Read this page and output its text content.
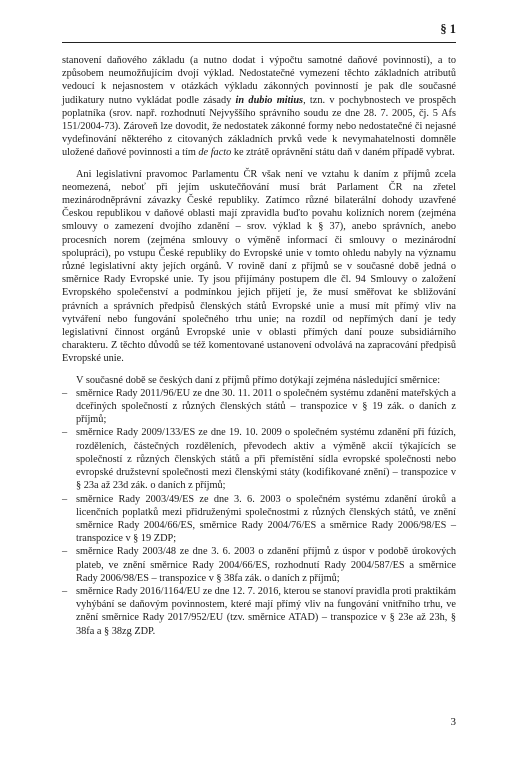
§ 1

stanovení daňového základu (a nutno dodat i výpočtu samotné daňové povinnosti), a to způsobem neumožňujícím dvojí výklad. Nedostatečné vymezení těchto základních atributů vedoucí k nejasnostem v otázkách výkladu zákonných povinností je pak dle současné judikatury nutno vykládat podle zásady in dubio mitius, tzn. v pochybnostech ve prospěch poplatníka (srov. např. rozhodnutí Nejvyššího správního soudu ze dne 28. 7. 2005, čj. 5 Afs 151/2004-73). Zároveň lze dovodit, že nedostatek zákonné formy nebo nedostatečné či nejasné vydefinování některého z citovaných základních prvků vede k nevymahatelnosti domněle uložené daňové povinnosti a tím de facto ke ztrátě oprávnění státu daň v daném případě vybrat.

Ani legislativní pravomoc Parlamentu ČR však není ve vztahu k daním z příjmů zcela neomezená, neboť při jejím uskutečňování musí brát Parlament ČR na zřetel mezinárodněprávní závazky České republiky. Zatímco různé bilaterální dohody uzavřené Českou republikou v daňové oblasti mají zpravidla buďto povahu kolizních norem (zejména smlouvy o zamezení dvojího zdanění – srov. výklad k § 37), anebo správních, anebo procesních norem (zejména smlouvy o výměně informací či smlouvy o mezinárodní spolupráci), po vstupu České republiky do Evropské unie v tomto ohledu nabyly na významu různé legislativní akty jejích orgánů. V rovině daní z příjmů se v současné době jedná o směrnice Rady Evropské unie. Ty jsou přijímány postupem dle čl. 94 Smlouvy o založení Evropského společenství a podmínkou jejich přijetí je, že musí směřovat ke sbližování právních a správních předpisů členských států Evropské unie a musí mít přímý vliv na vytváření nebo fungování společného trhu unie; na rozdíl od nepřímých daní je tedy legislativní činnost orgánů Evropské unie v oblasti přímých daní pouze subsidiárního charakteru. Z těchto důvodů se též komentované ustanovení odvolává na zapracování předpisů Evropské unie.

V současné době se českých daní z příjmů přímo dotýkají zejména následující směrnice:

– směrnice Rady 2011/96/EU ze dne 30. 11. 2011 o společném systému zdanění mateřských a dceřiných společností z různých členských států – transpozice v § 19 zák. o daních z příjmů;
– směrnice Rady 2009/133/ES ze dne 19. 10. 2009 o společném systému zdanění při fúzích, rozděleních, částečných rozděleních, převodech aktiv a výměně akcií týkajících se společností z různých členských států a při přemístění sídla evropské společnosti nebo evropské družstevní společnosti mezi členskými státy (kodifikované znění) – transpozice v § 23a až 23d zák. o daních z příjmů;
– směrnice Rady 2003/49/ES ze dne 3. 6. 2003 o společném systému zdanění úroků a licenčních poplatků mezi přidruženými společnostmi z různých členských států, ve znění směrnice Rady 2004/66/ES, směrnice Rady 2004/76/ES a směrnice Rady 2006/98/ES – transpozice v § 19 ZDP;
– směrnice Rady 2003/48 ze dne 3. 6. 2003 o zdanění příjmů z úspor v podobě úrokových plateb, ve znění směrnice Rady 2004/66/ES, rozhodnutí Rady 2004/587/ES a směrnice Rady 2006/98/ES – transpozice v § 38fa zák. o daních z příjmů;
– směrnice Rady 2016/1164/EU ze dne 12. 7. 2016, kterou se stanoví pravidla proti praktikám vyhýbání se daňovým povinnostem, které mají přímý vliv na fungování vnitřního trhu, ve znění směrnice Rady 2017/952/EU (tzv. směrnice ATAD) – transpozice v § 23e až 23h, § 38fa a § 38zg ZDP.
3
